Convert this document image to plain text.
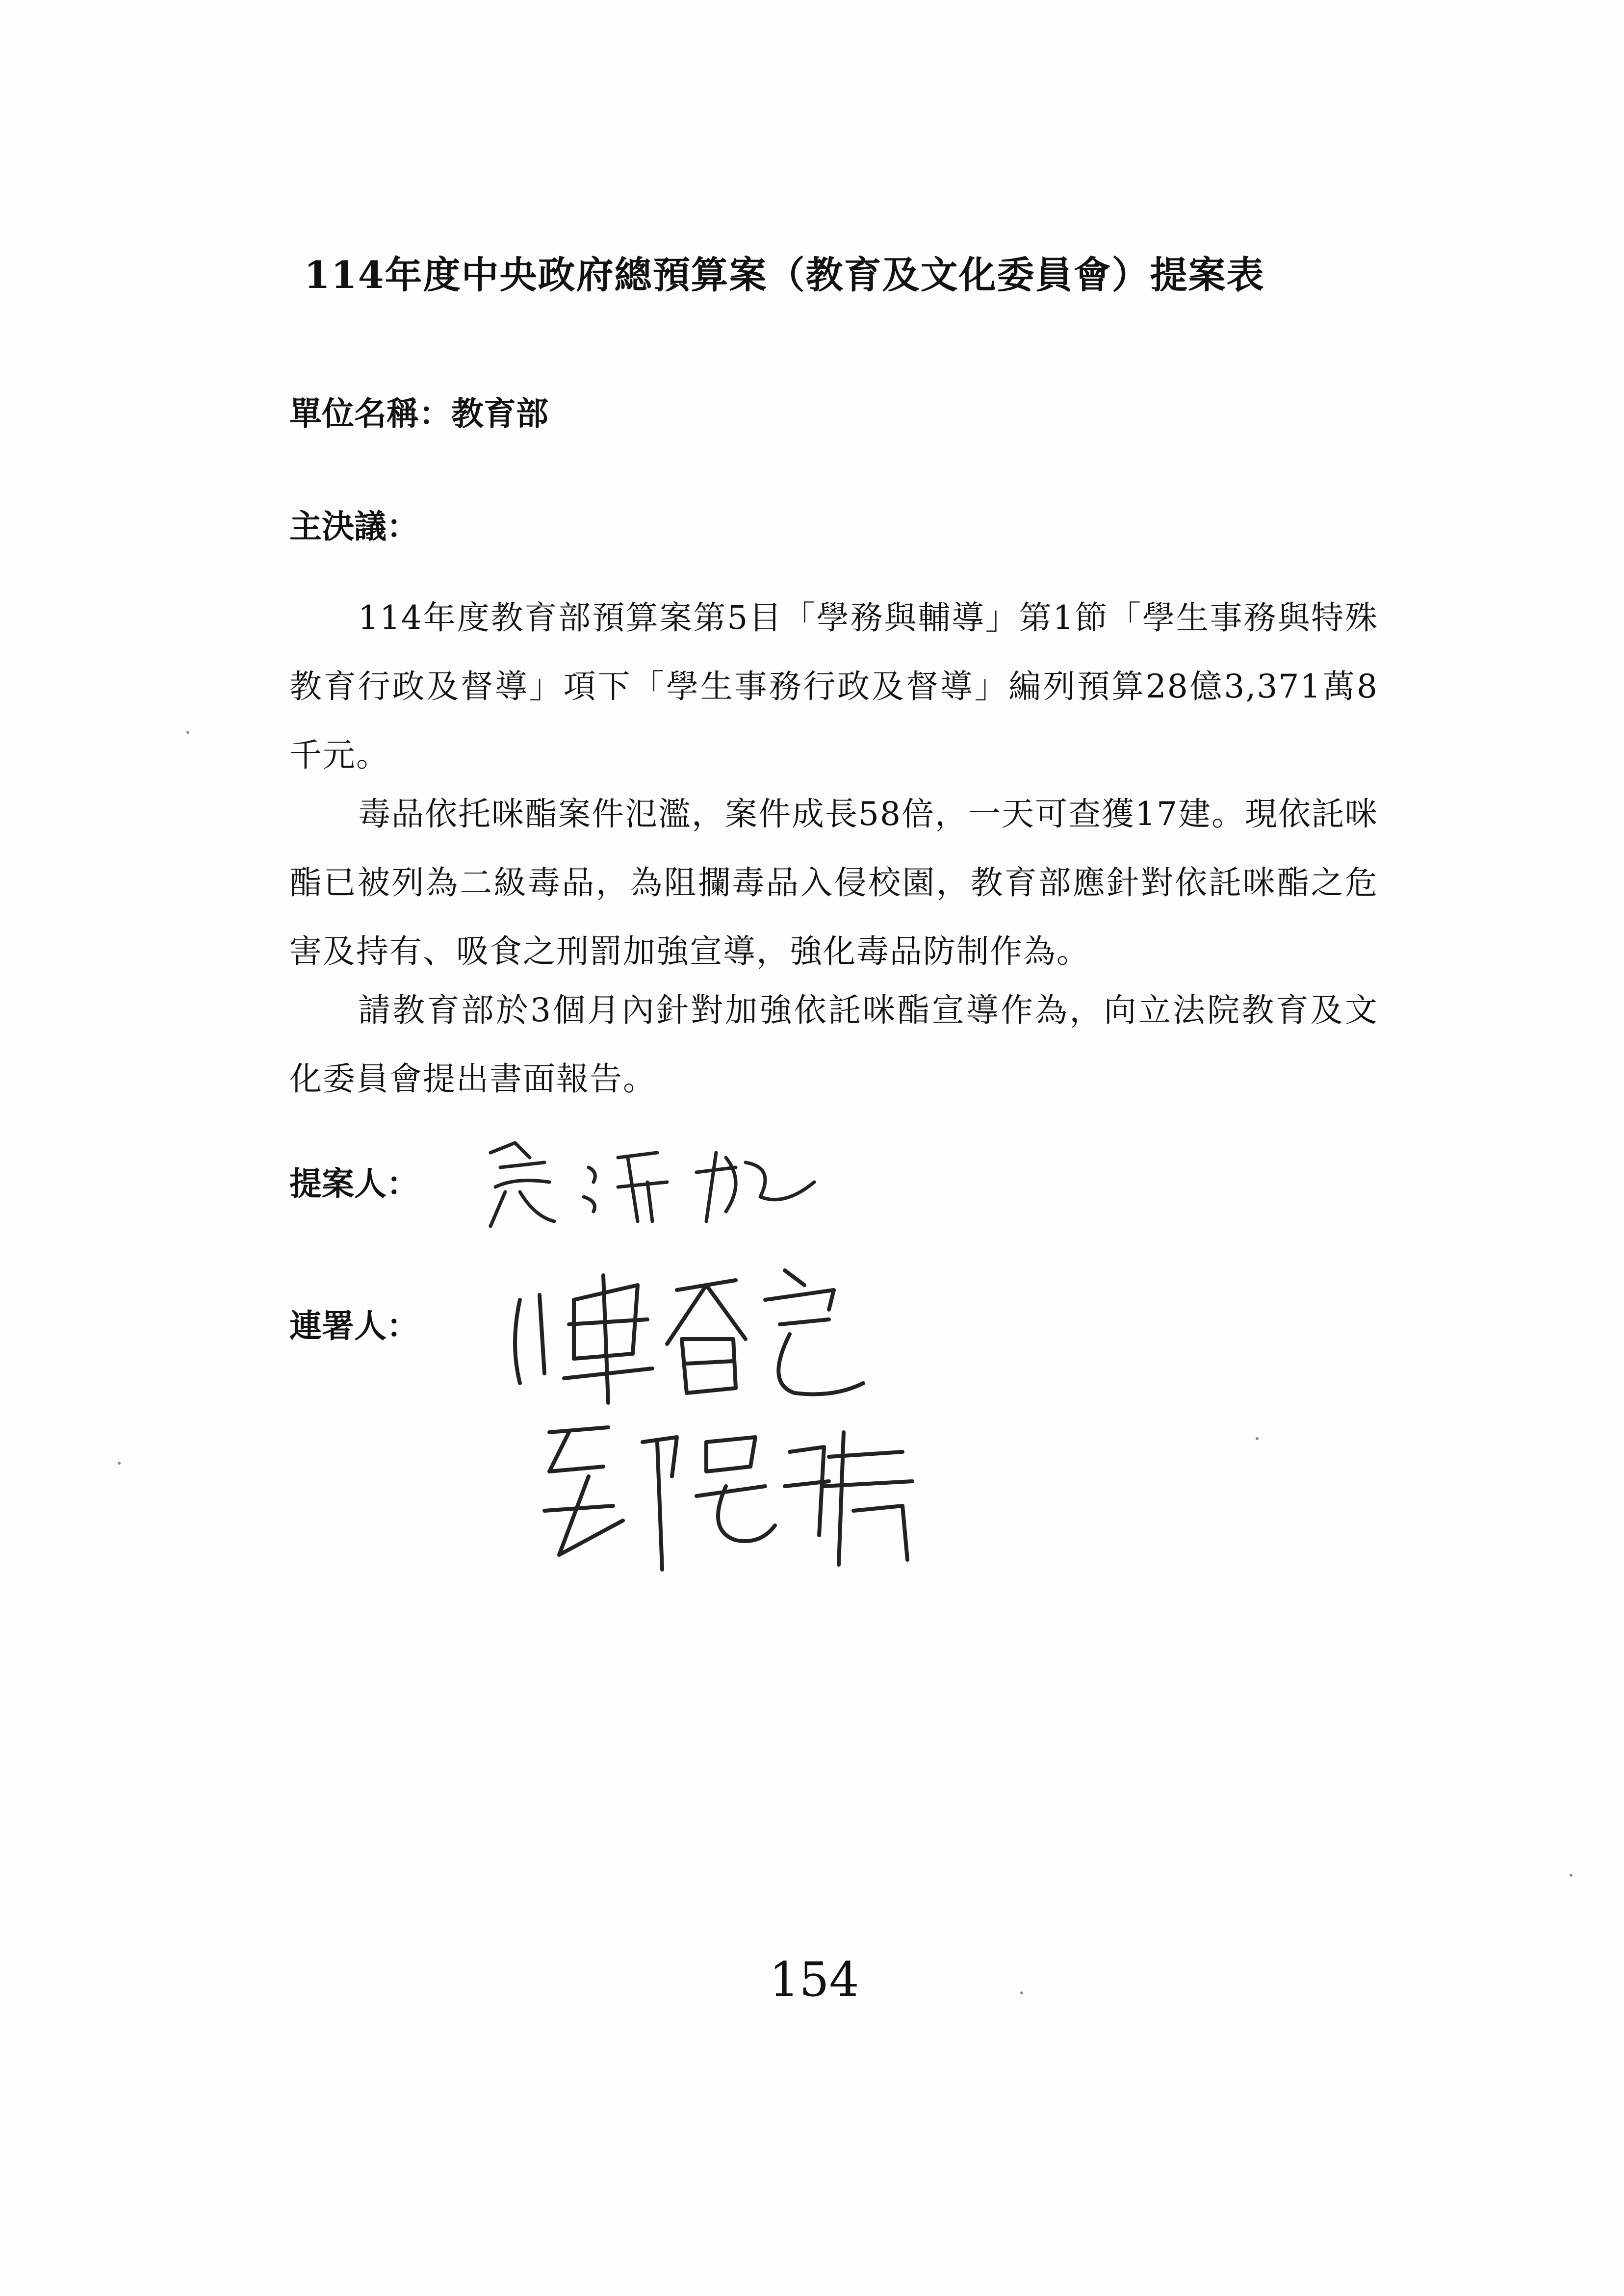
114年度中央政府總預算案（教育及文化委員會）提案表
單位名稱：教育部
主決議：
114年度教育部預算案第5目「學務與輔導」第1節「學生事務與特殊教育行政及督導」項下「學生事務行政及督導」編列預算28億3,371萬8千元。
毒品依托咪酯案件氾濫，案件成長58倍，一天可查獲17建。現依託咪酯已被列為二級毒品，為阻攔毒品入侵校園，教育部應針對依託咪酯之危害及持有、吸食之刑罰加強宣導，強化毒品防制作為。
請教育部於3個月內針對加強依託咪酯宣導作為，向立法院教育及文化委員會提出書面報告。
提案人：
連署人：
154
